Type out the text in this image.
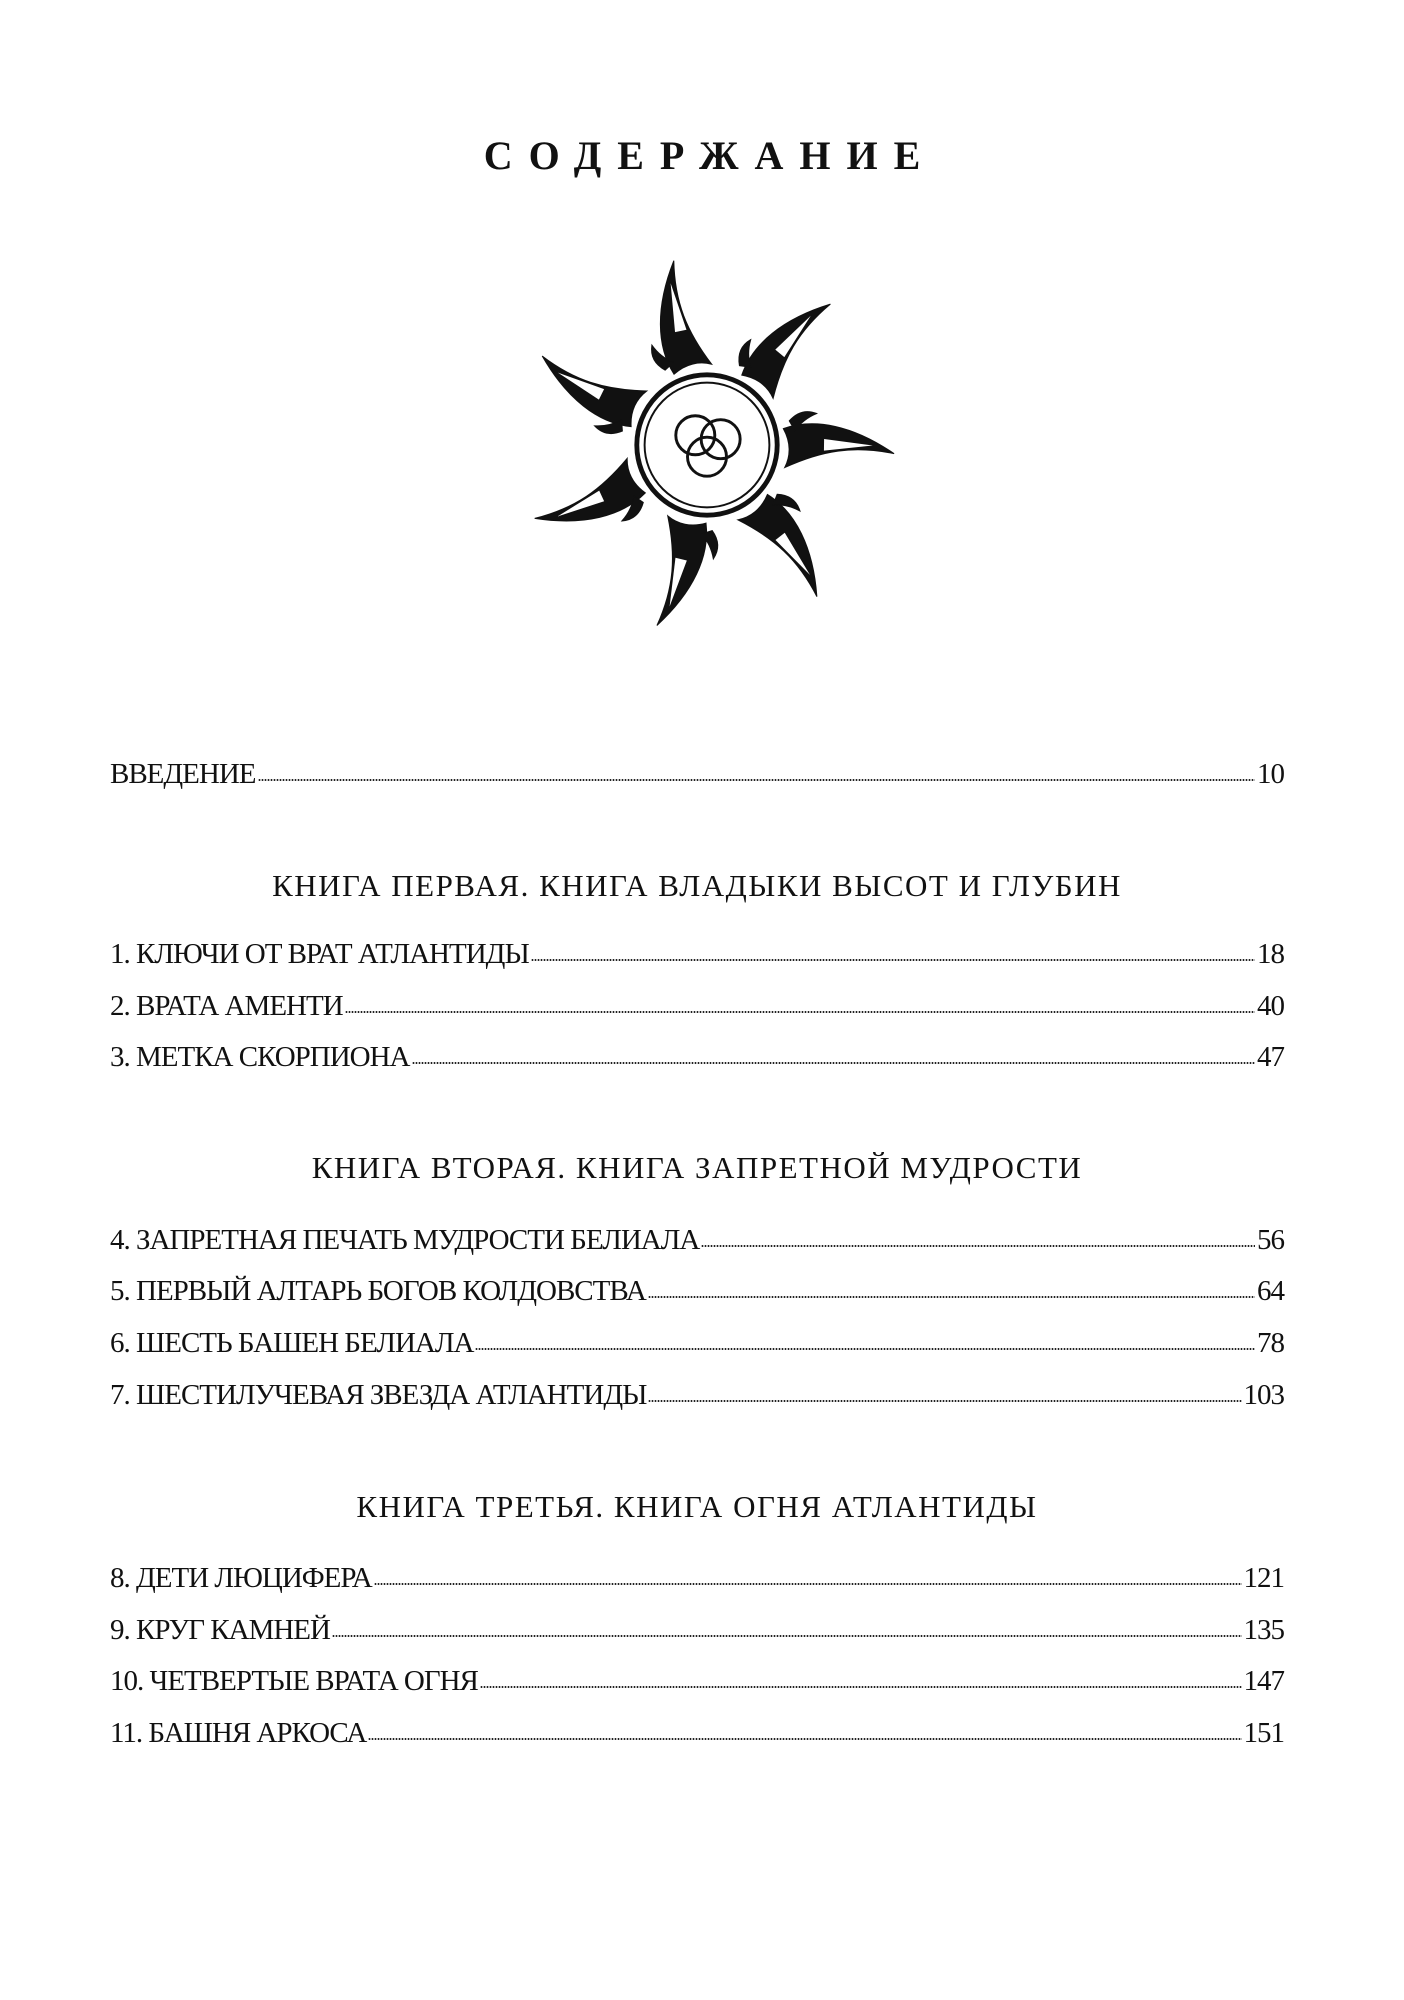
СОДЕРЖАНИЕ
ВВЕДЕНИЕ	10
КНИГА ПЕРВАЯ. КНИГА ВЛАДЫКИ ВЫСОТ И ГЛУБИН
1. КЛЮЧИ ОТ ВРАТ АТЛАНТИДЫ	18
2. ВРАТА АМЕНТИ	40
3. МЕТКА СКОРПИОНА	47
КНИГА ВТОРАЯ. КНИГА ЗАПРЕТНОЙ МУДРОСТИ
4. ЗАПРЕТНАЯ ПЕЧАТЬ МУДРОСТИ БЕЛИАЛА	56
5. ПЕРВЫЙ АЛТАРЬ БОГОВ КОЛДОВСТВА	64
6. ШЕСТЬ БАШЕН БЕЛИАЛА	78
7. ШЕСТИЛУЧЕВАЯ ЗВЕЗДА АТЛАНТИДЫ	103
КНИГА ТРЕТЬЯ. КНИГА ОГНЯ АТЛАНТИДЫ
8. ДЕТИ ЛЮЦИФЕРА	121
9. КРУГ КАМНЕЙ	135
10. ЧЕТВЕРТЫЕ ВРАТА ОГНЯ	147
11. БАШНЯ АРКОСА	151
